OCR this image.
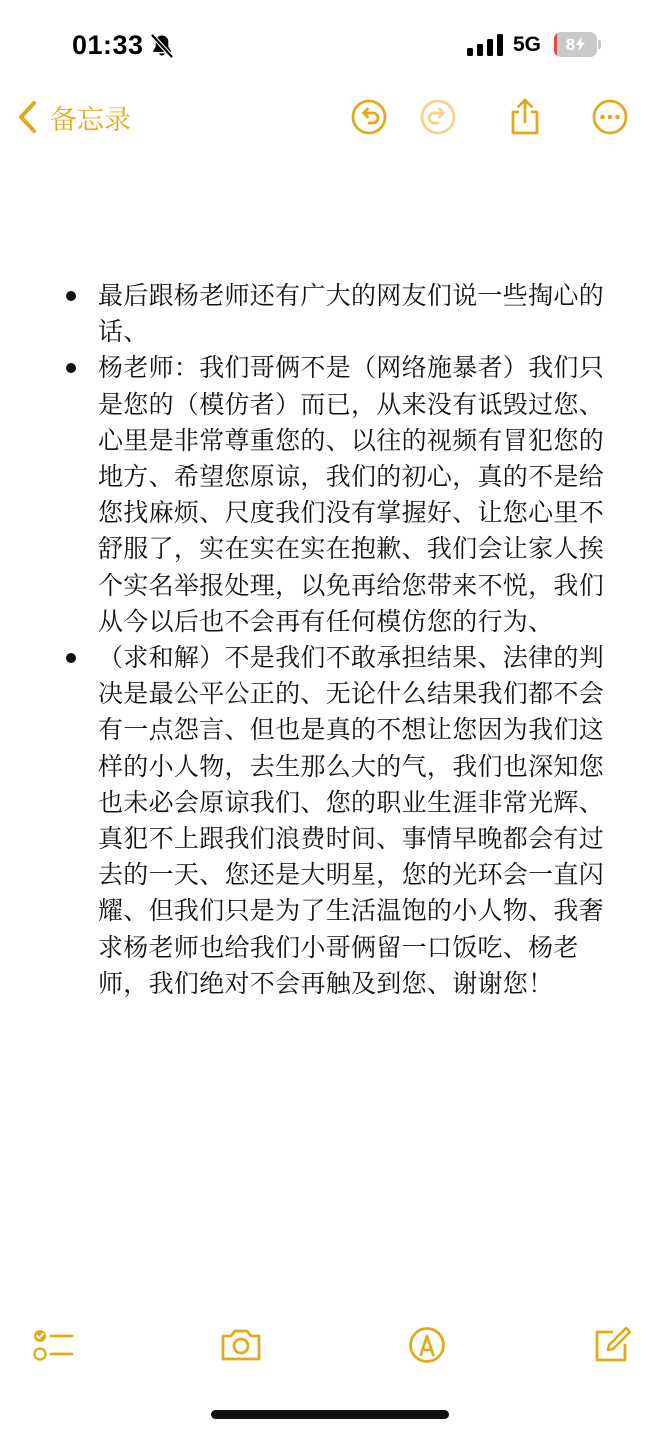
01:33	5G	8
备忘录
最后跟杨老师还有广大的网友们说一些掏心的话、
杨老师：我们哥俩不是（网络施暴者）我们只是您的（模仿者）而已，从来没有诋毁过您、心里是非常尊重您的、以往的视频有冒犯您的地方、希望您原谅，我们的初心，真的不是给您找麻烦、尺度我们没有掌握好、让您心里不舒服了，实在实在实在抱歉、我们会让家人挨个实名举报处理，以免再给您带来不悦，我们从今以后也不会再有任何模仿您的行为、
（求和解）不是我们不敢承担结果、法律的判决是最公平公正的、无论什么结果我们都不会有一点怨言、但也是真的不想让您因为我们这样的小人物，去生那么大的气，我们也深知您也未必会原谅我们、您的职业生涯非常光辉、真犯不上跟我们浪费时间、事情早晚都会有过去的一天、您还是大明星，您的光环会一直闪耀、但我们只是为了生活温饱的小人物、我奢求杨老师也给我们小哥俩留一口饭吃、杨老师，我们绝对不会再触及到您、谢谢您！
